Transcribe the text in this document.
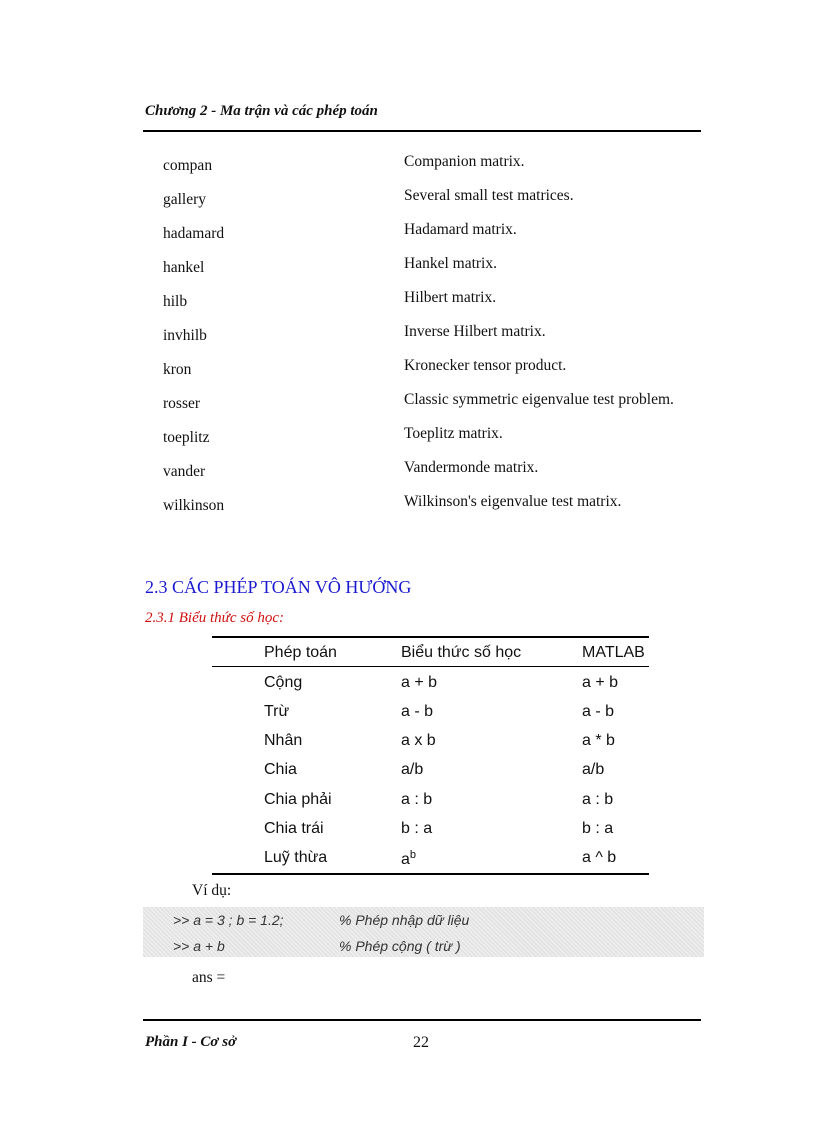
Chương 2 - Ma trận và các phép toán
compan	Companion matrix.
gallery	Several small test matrices.
hadamard	Hadamard matrix.
hankel	Hankel matrix.
hilb	Hilbert matrix.
invhilb	Inverse Hilbert matrix.
kron	Kronecker tensor product.
rosser	Classic symmetric eigenvalue test problem.
toeplitz	Toeplitz matrix.
vander	Vandermonde matrix.
wilkinson	Wilkinson's eigenvalue test matrix.
2.3 CÁC PHÉP TOÁN VÔ HƯỚNG
2.3.1 Biểu thức số học:
Phép toán	Biểu thức số học	MATLAB
Cộng	a + b	a + b
Trừ	a - b	a - b
Nhân	a x b	a * b
Chia	a/b	a/b
Chia phải	a : b	a : b
Chia trái	b : a	b : a
Luỹ thừa	$a^b$	a ^ b
Ví dụ:
>> a = 3 ; b = 1.2;	% Phép nhập dữ liệu
>> a + b	% Phép cộng ( trừ )
ans =
Phần I - Cơ sở	22
